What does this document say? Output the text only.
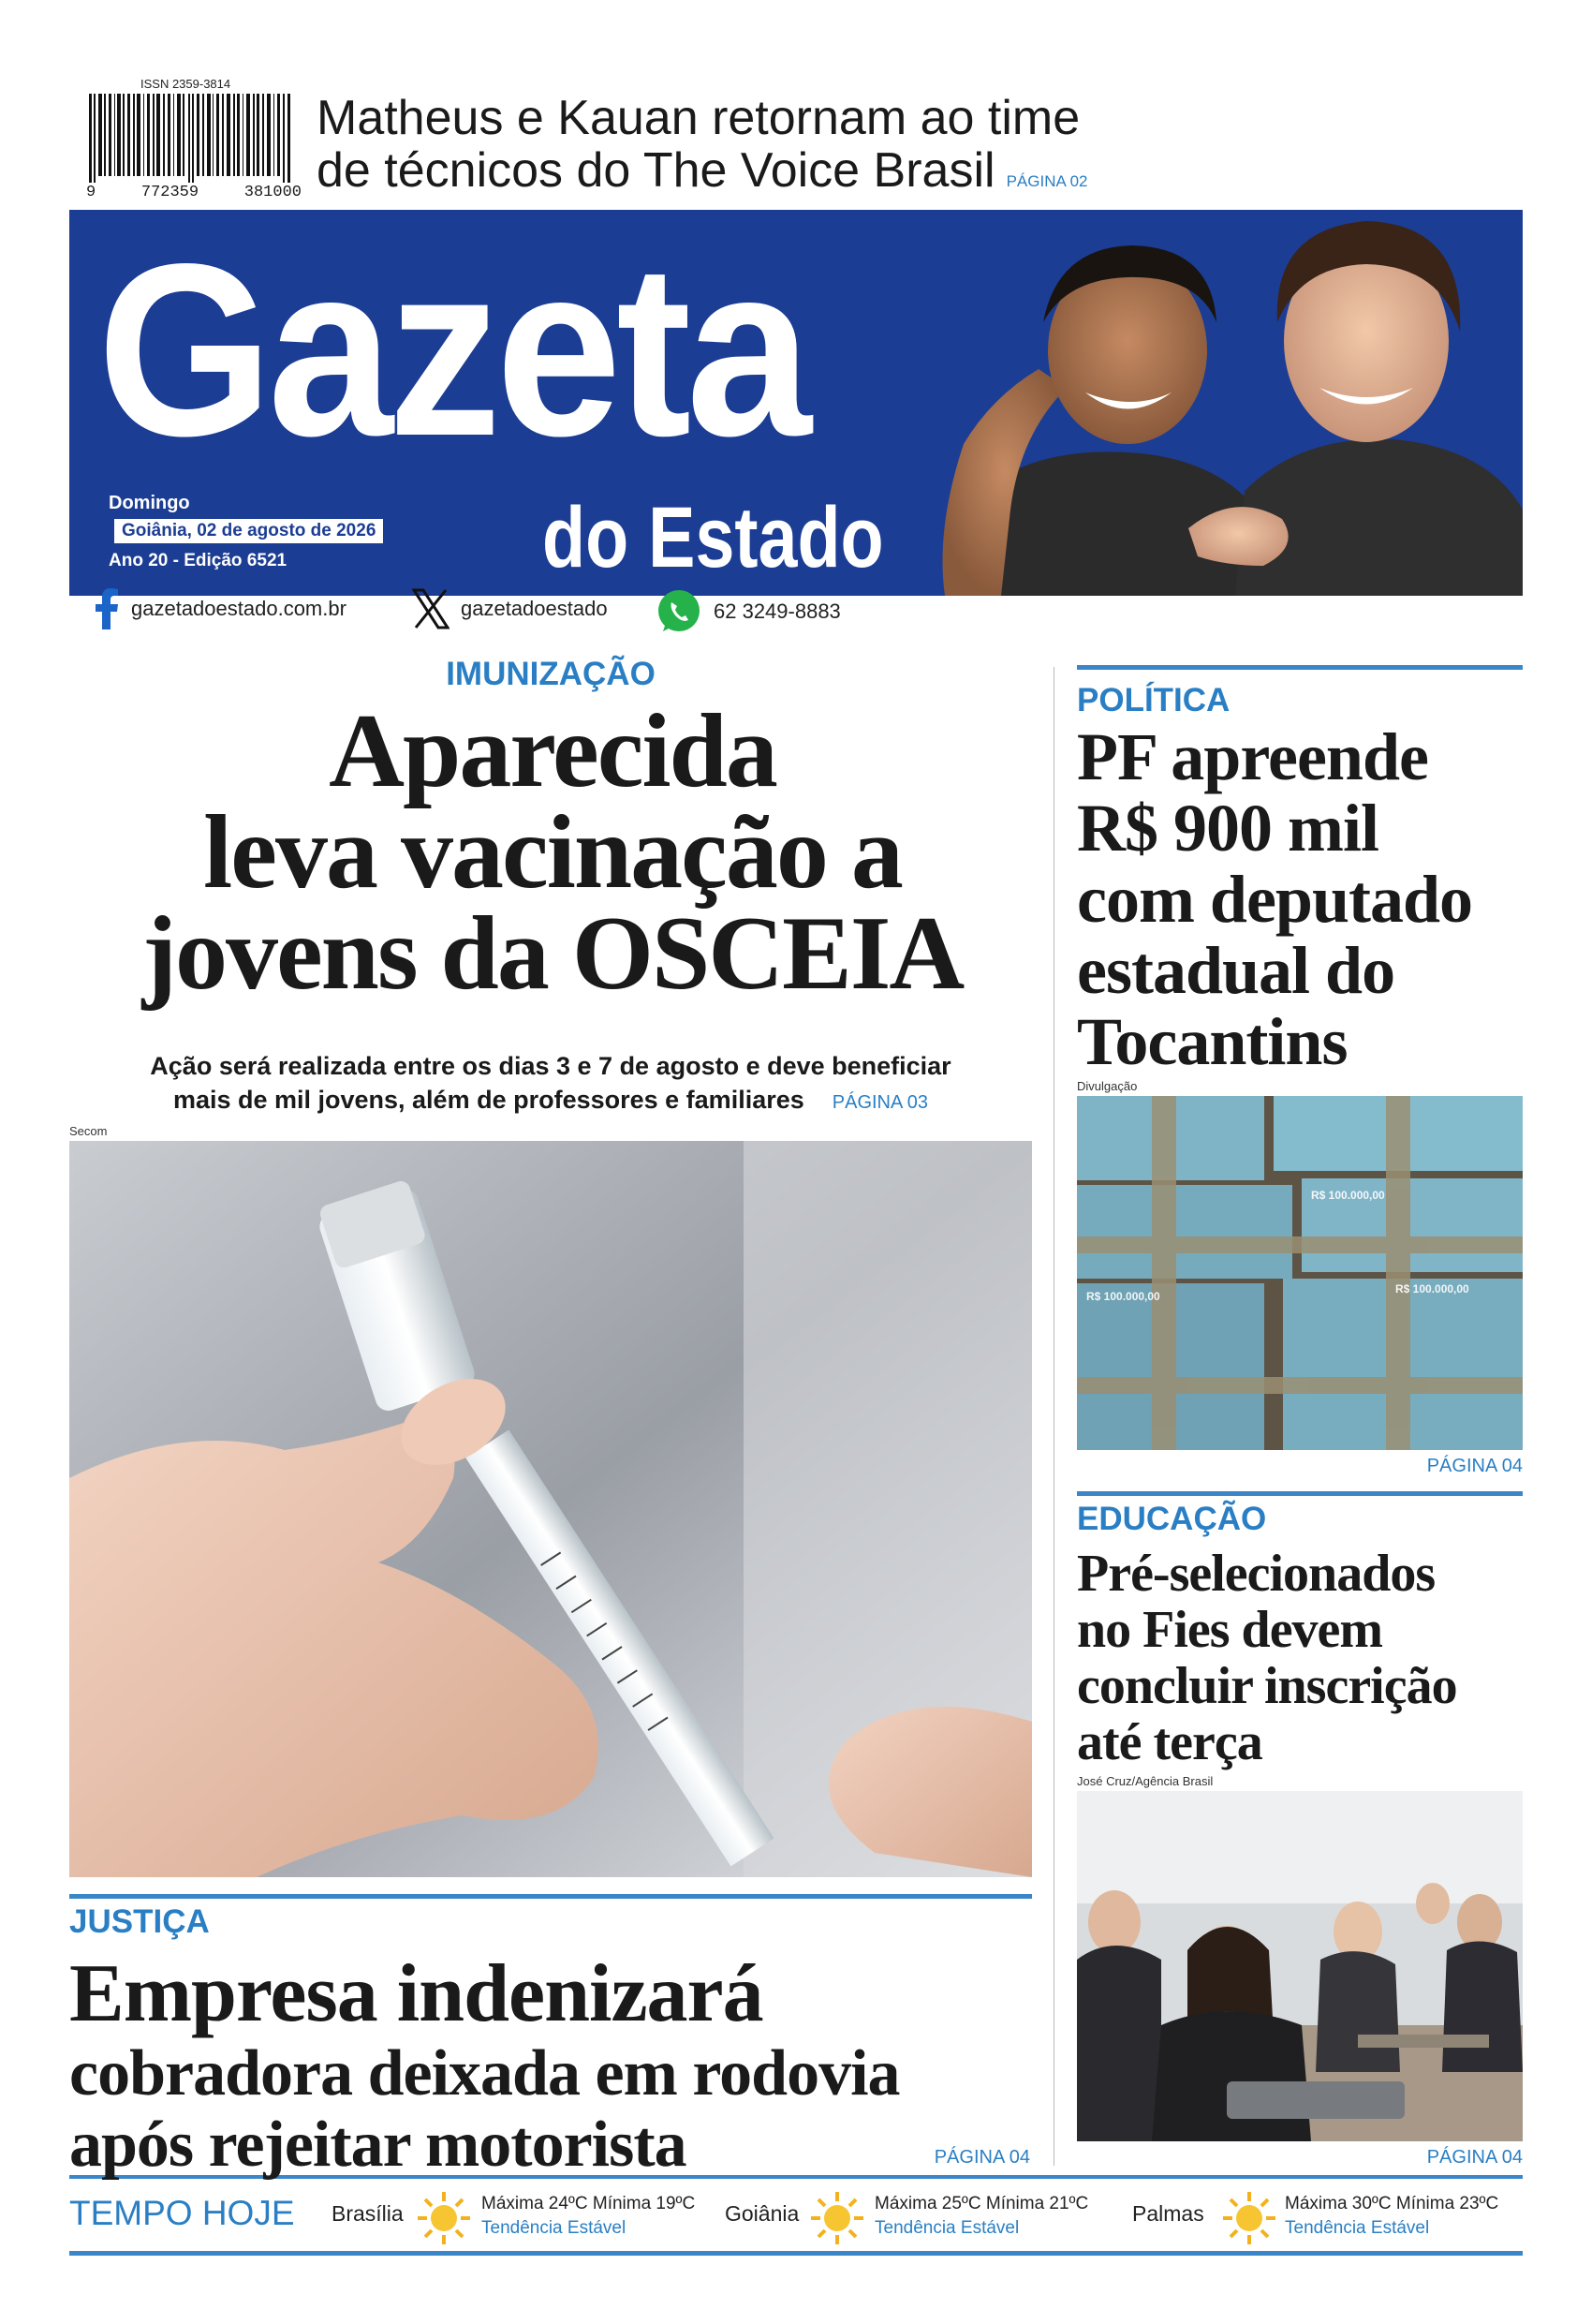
ISSN 2359-3814
9	772359	381000
Matheus e Kauan retornam ao time
de técnicos do The Voice Brasil PÁGINA 02
Gazeta
do Estado
Domingo
Goiânia, 02 de agosto de 2026
Ano 20 - Edição 6521
gazetadoestado.com.br	gazetadoestado	62 3249-8883
IMUNIZAÇÃO
Aparecida
leva vacinação a
jovens da OSCEIA
Ação será realizada entre os dias 3 e 7 de agosto e deve beneficiar
mais de mil jovens, além de professores e familiares PÁGINA 03
Secom
POLÍTICA
PF apreende
R$ 900 mil
com deputado
estadual do
Tocantins
Divulgação
R$ 100.000,00
R$ 100.000,00
R$ 100.000,00
PÁGINA 04
EDUCAÇÃO
Pré-selecionados
no Fies devem
concluir inscrição
até terça
José Cruz/Agência Brasil
PÁGINA 04
JUSTIÇA
Empresa indenizará
cobradora deixada em rodovia
após rejeitar motorista	PÁGINA 04
TEMPO HOJE Brasília	Máxima 24ºC Mínima 19ºC
Tendência Estável
Goiânia	Máxima 25ºC Mínima 21ºC
Tendência Estável
Palmas	Máxima 30ºC Mínima 23ºC
Tendência Estável
